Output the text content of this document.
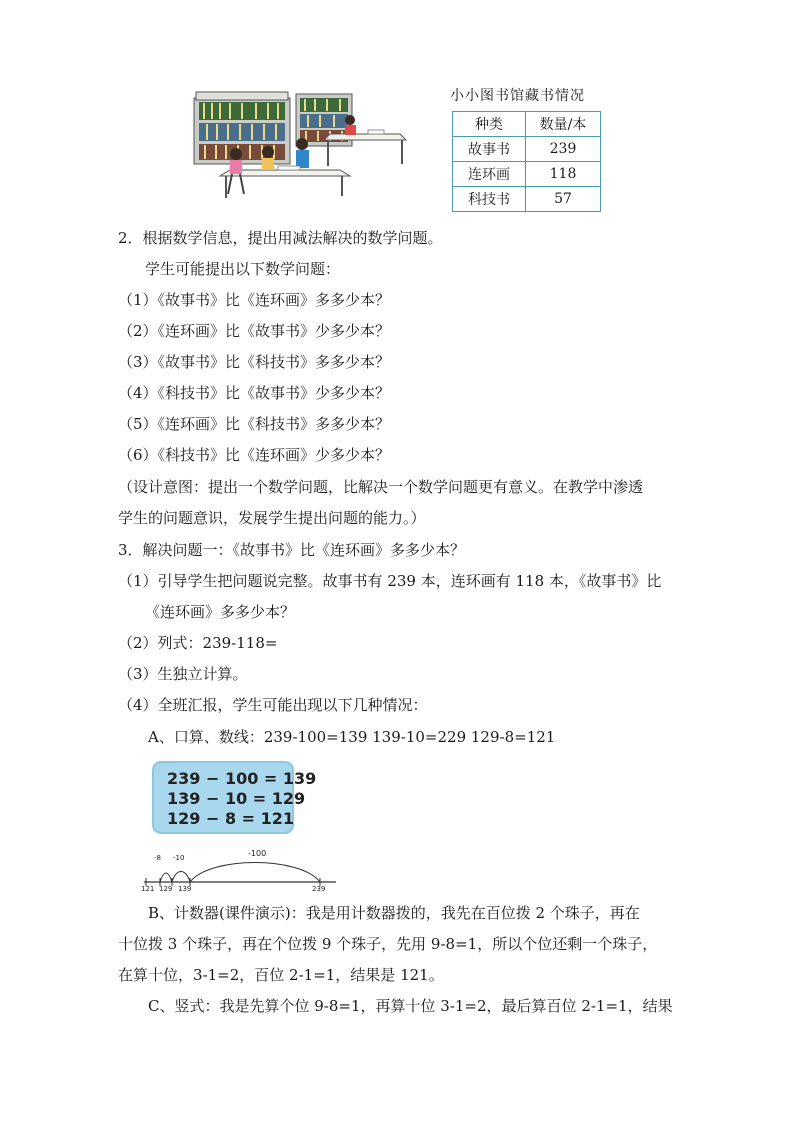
小小图书馆藏书情况
种类	数量/本
故事书	239
连环画	118
科技书	57
2．根据数学信息，提出用减法解决的数学问题。
学生可能提出以下数学问题：
（1）《故事书》比《连环画》多多少本？
（2）《连环画》比《故事书》少多少本？
（3）《故事书》比《科技书》多多少本？
（4）《科技书》比《故事书》少多少本？
（5）《连环画》比《科技书》多多少本？
（6）《科技书》比《连环画》少多少本？
（设计意图：提出一个数学问题，比解决一个数学问题更有意义。在教学中渗透
学生的问题意识，发展学生提出问题的能力。）
3．解决问题一：《故事书》比《连环画》多多少本？
（1）引导学生把问题说完整。故事书有 239 本，连环画有 118 本，《故事书》比
《连环画》多多少本？
（2）列式：239-118=
（3）生独立计算。
（4）全班汇报，学生可能出现以下几种情况：
A、口算、数线：239-100=139 139-10=229 129-8=121
239 − 100 = 139
139 − 10 = 129
129 − 8 = 121
-100
-10
-8
121 129 139	239
B、计数器(课件演示)：我是用计数器拨的，我先在百位拨 2 个珠子，再在
十位拨 3 个珠子，再在个位拨 9 个珠子，先用 9-8=1，所以个位还剩一个珠子，
在算十位，3-1=2，百位 2-1=1，结果是 121。
C、竖式：我是先算个位 9-8=1，再算十位 3-1=2，最后算百位 2-1=1，结果
